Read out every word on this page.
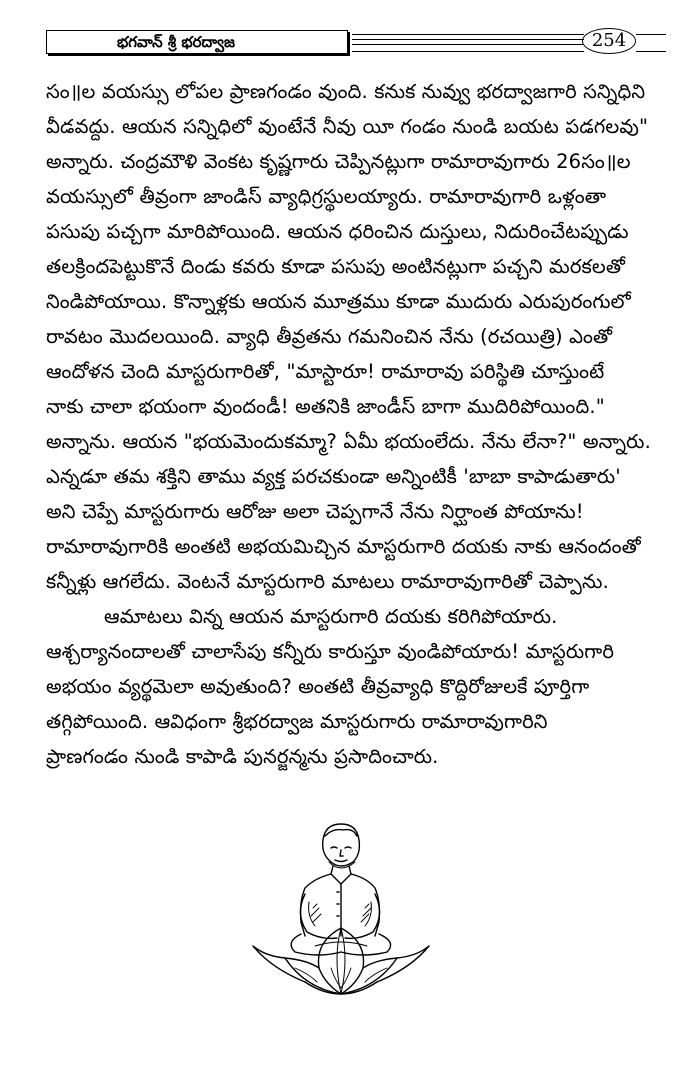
భగవాన్ శ్రీ భరద్వాజ	254
సం॥ల వయస్సు లోపల ప్రాణగండం వుంది. కనుక నువ్వు భరద్వాజగారి సన్నిధిని
వీడవద్దు. ఆయన సన్నిధిలో వుంటేనే నీవు యీ గండం నుండి బయట పడగలవు"
అన్నారు. చంద్రమౌళి వెంకట కృష్ణగారు చెప్పినట్లుగా రామారావుగారు 26సం॥ల
వయస్సులో తీవ్రంగా జాండిస్ వ్యాధిగ్రస్థులయ్యారు. రామారావుగారి ఒళ్లంతా
పసుపు పచ్చగా మారిపోయింది. ఆయన ధరించిన దుస్తులు, నిదురించేటప్పుడు
తలక్రిందపెట్టుకొనే దిండు కవరు కూడా పసుపు అంటినట్లుగా పచ్చని మరకలతో
నిండిపోయాయి. కొన్నాళ్లకు ఆయన మూత్రము కూడా ముదురు ఎరుపురంగులో
రావటం మొదలయింది. వ్యాధి తీవ్రతను గమనించిన నేను (రచయిత్రి) ఎంతో
ఆందోళన చెంది మాస్టరుగారితో, "మాస్టారూ! రామారావు పరిస్థితి చూస్తుంటే
నాకు చాలా భయంగా వుందండీ! అతనికి జాండీస్ బాగా ముదిరిపోయింది."
అన్నాను. ఆయన "భయమెందుకమ్మా? ఏమీ భయంలేదు. నేను లేనా?" అన్నారు.
ఎన్నడూ తమ శక్తిని తాము వ్యక్త పరచకుండా అన్నింటికీ 'బాబా కాపాడుతారు'
అని చెప్పే మాస్టరుగారు ఆరోజు అలా చెప్పగానే నేను నిర్ఘాంత పోయాను!
రామారావుగారికి అంతటి అభయమిచ్చిన మాస్టరుగారి దయకు నాకు ఆనందంతో
కన్నీళ్లు ఆగలేదు. వెంటనే మాస్టరుగారి మాటలు రామారావుగారితో చెప్పాను.
ఆమాటలు విన్న ఆయన మాస్టరుగారి దయకు కరిగిపోయారు.
ఆశ్చర్యానందాలతో చాలాసేపు కన్నీరు కారుస్తూ వుండిపోయారు! మాస్టరుగారి
అభయం వ్యర్థమెలా అవుతుంది? అంతటి తీవ్రవ్యాధి కొద్దిరోజులకే పూర్తిగా
తగ్గిపోయింది. ఆవిధంగా శ్రీభరద్వాజ మాస్టరుగారు రామారావుగారిని
ప్రాణగండం నుండి కాపాడి పునర్జన్మను ప్రసాదించారు.
